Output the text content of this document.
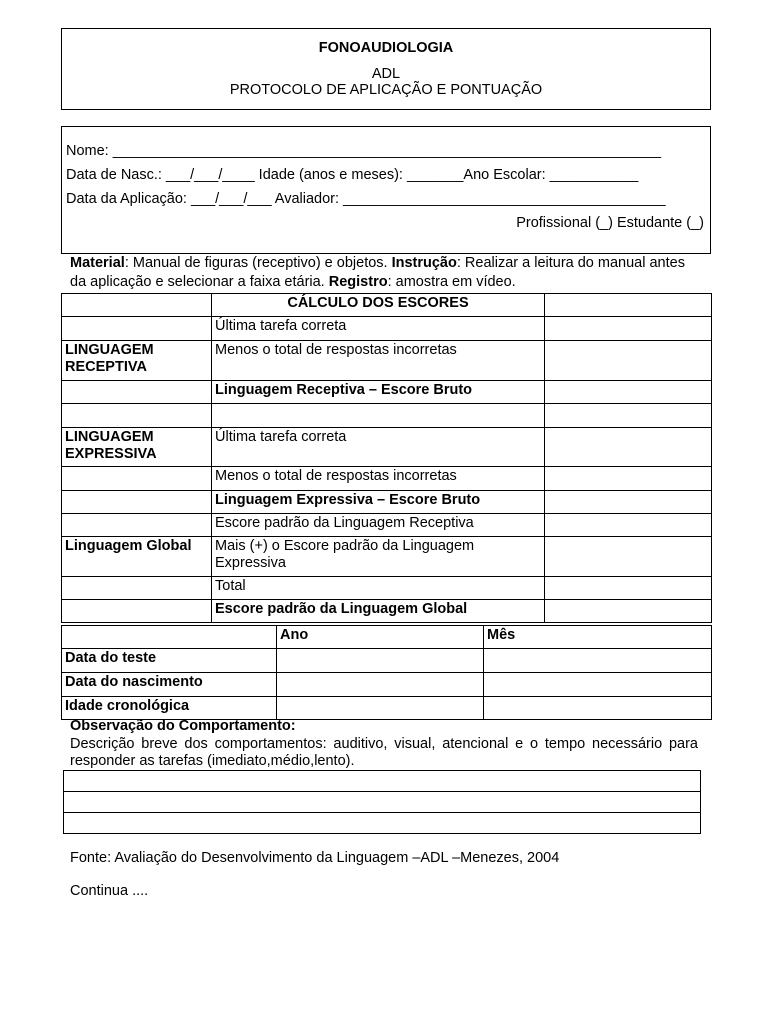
FONOAUDIOLOGIA
ADL
PROTOCOLO DE APLICAÇÃO E PONTUAÇÃO
Nome: ____________________________________________________________________
Data de Nasc.: ___/___/____ Idade (anos e meses): _______Ano Escolar: ___________
Data da Aplicação: ___/___/___ Avaliador: ________________________________________
Profissional (_) Estudante (_)
Material: Manual de figuras (receptivo) e objetos. Instrução: Realizar a leitura do manual antes da aplicação e selecionar a faixa etária. Registro: amostra em vídeo.
	CÁLCULO DOS ESCORES	
	Última tarefa correta	
LINGUAGEM RECEPTIVA	Menos o total de respostas incorretas	
	Linguagem Receptiva – Escore Bruto	

LINGUAGEM EXPRESSIVA	Última tarefa correta	
	Menos o total de respostas incorretas	
	Linguagem Expressiva – Escore Bruto	
	Escore padrão da Linguagem Receptiva	
Linguagem Global	Mais (+) o Escore padrão da Linguagem Expressiva	
	Total	
	Escore padrão da Linguagem Global	
	Ano	Mês
Data do teste		
Data do nascimento		
Idade cronológica		
Observação do Comportamento:
Descrição breve dos comportamentos: auditivo, visual, atencional e o tempo necessário para responder as tarefas (imediato,médio,lento).

Fonte: Avaliação do Desenvolvimento da Linguagem –ADL –Menezes, 2004
Continua ....
